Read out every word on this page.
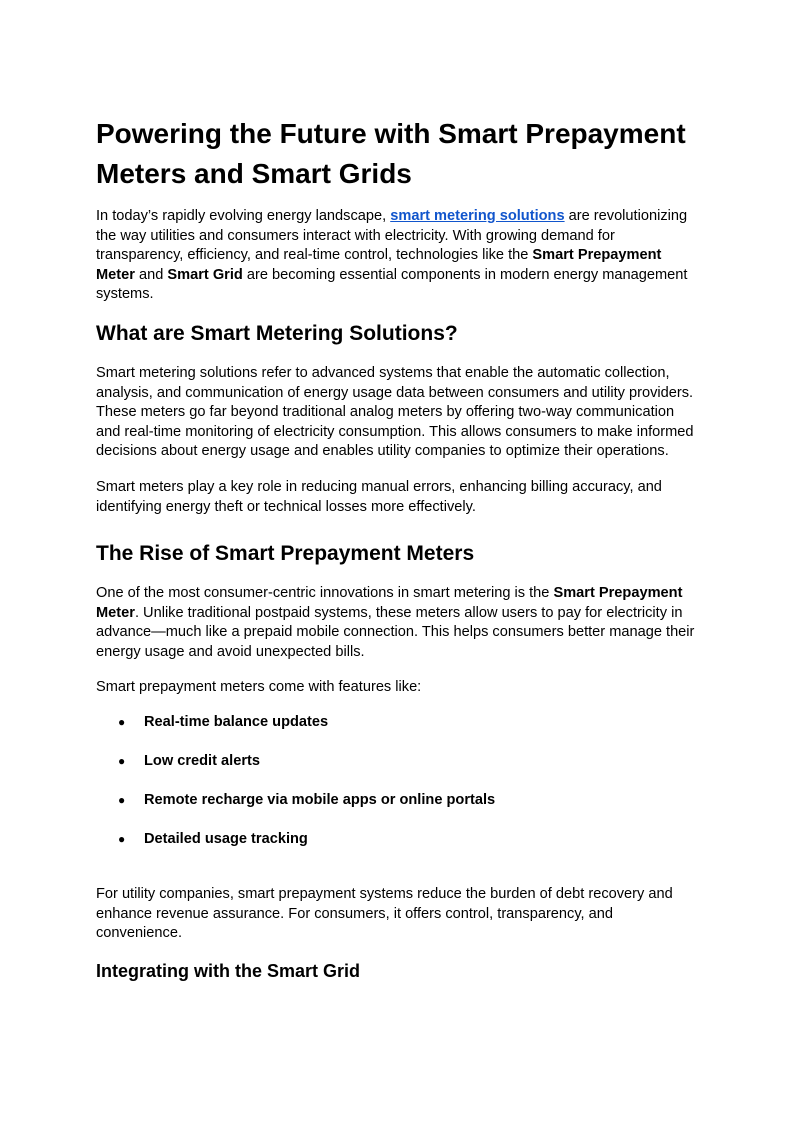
Powering the Future with Smart Prepayment Meters and Smart Grids

In today’s rapidly evolving energy landscape, smart metering solutions are revolutionizing the way utilities and consumers interact with electricity. With growing demand for transparency, efficiency, and real-time control, technologies like the Smart Prepayment Meter and Smart Grid are becoming essential components in modern energy management systems.

What are Smart Metering Solutions?

Smart metering solutions refer to advanced systems that enable the automatic collection, analysis, and communication of energy usage data between consumers and utility providers. These meters go far beyond traditional analog meters by offering two-way communication and real-time monitoring of electricity consumption. This allows consumers to make informed decisions about energy usage and enables utility companies to optimize their operations.

Smart meters play a key role in reducing manual errors, enhancing billing accuracy, and identifying energy theft or technical losses more effectively.

The Rise of Smart Prepayment Meters

One of the most consumer-centric innovations in smart metering is the Smart Prepayment Meter. Unlike traditional postpaid systems, these meters allow users to pay for electricity in advance—much like a prepaid mobile connection. This helps consumers better manage their energy usage and avoid unexpected bills.

Smart prepayment meters come with features like:

● Real-time balance updates
● Low credit alerts
● Remote recharge via mobile apps or online portals
● Detailed usage tracking

For utility companies, smart prepayment systems reduce the burden of debt recovery and enhance revenue assurance. For consumers, it offers control, transparency, and convenience.

Integrating with the Smart Grid
